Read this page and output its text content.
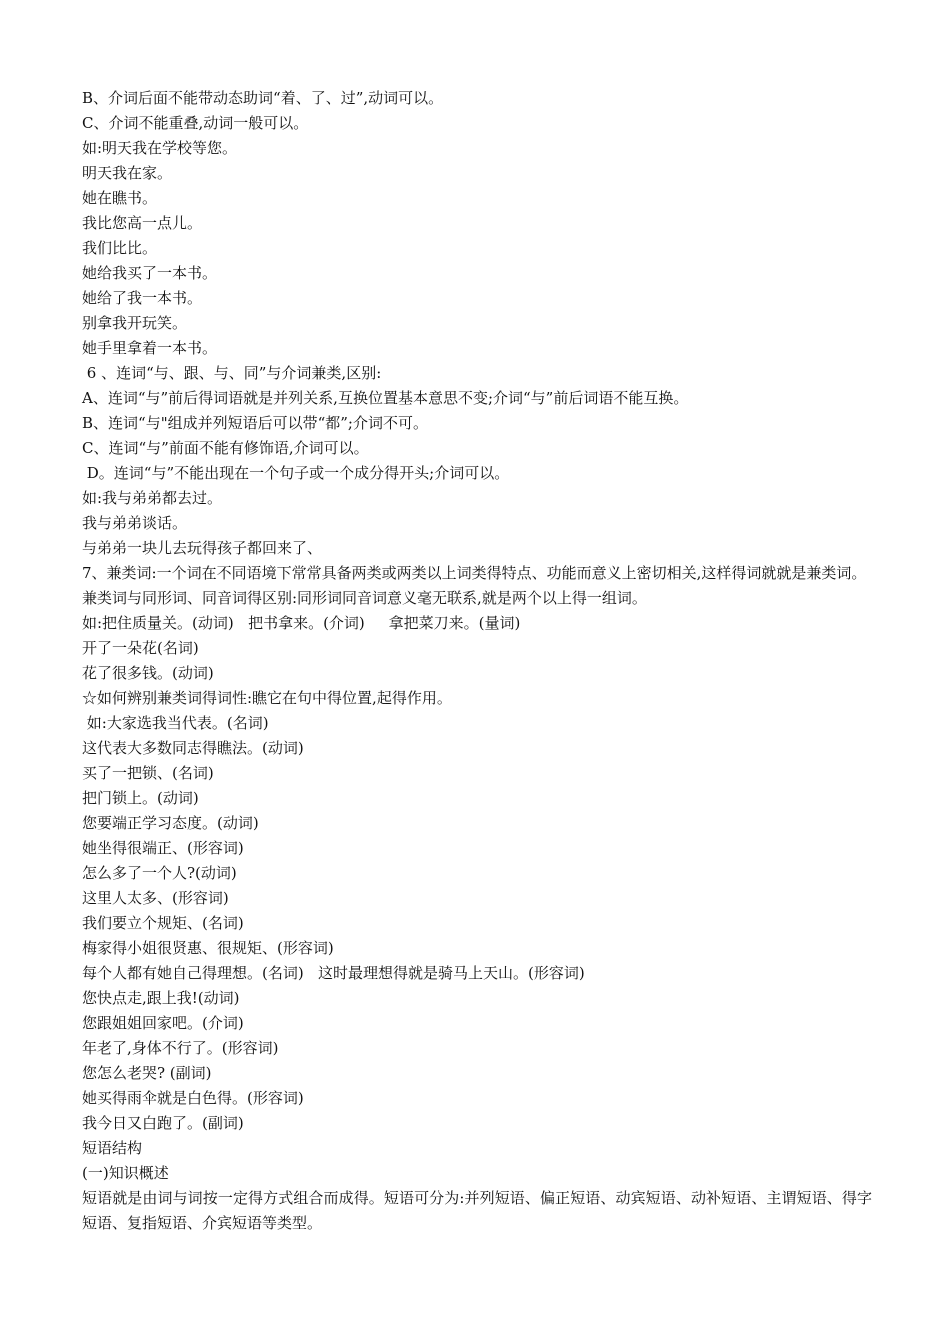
B、介词后面不能带动态助词“着、了、过”,动词可以。

C、介词不能重叠,动词一般可以。

如:明天我在学校等您。

明天我在家。

她在瞧书。

我比您高一点儿。

我们比比。

她给我买了一本书。

她给了我一本书。

别拿我开玩笑。

她手里拿着一本书。

6 、连词“与、跟、与、同”与介词兼类,区别:

A、连词“与”前后得词语就是并列关系,互换位置基本意思不变;介词“与”前后词语不能互换。

B、连词“与"组成并列短语后可以带“都”;介词不可。

C、连词“与”前面不能有修饰语,介词可以。

D。连词“与”不能出现在一个句子或一个成分得开头;介词可以。

如:我与弟弟都去过。

我与弟弟谈话。

与弟弟一块儿去玩得孩子都回来了、

7、兼类词:一个词在不同语境下常常具备两类或两类以上词类得特点、功能而意义上密切相关,这样得词就就是兼类词。

兼类词与同形词、同音词得区别:同形词同音词意义毫无联系,就是两个以上得一组词。

如:把住质量关。(动词)   把书拿来。(介词)     拿把菜刀来。(量词)

开了一朵花(名词)

花了很多钱。(动词)

☆如何辨别兼类词得词性:瞧它在句中得位置,起得作用。

如:大家选我当代表。(名词)

这代表大多数同志得瞧法。(动词)

买了一把锁、(名词)

把门锁上。(动词)

您要端正学习态度。(动词)

她坐得很端正、(形容词)

怎么多了一个人?(动词)

这里人太多、(形容词)

我们要立个规矩、(名词)

梅家得小姐很贤惠、很规矩、(形容词)

每个人都有她自己得理想。(名词)   这时最理想得就是骑马上天山。(形容词)

您快点走,跟上我!(动词)

您跟姐姐回家吧。(介词)

年老了,身体不行了。(形容词)

您怎么老哭? (副词)

她买得雨伞就是白色得。(形容词)

我今日又白跑了。(副词)

短语结构

(一)知识概述

短语就是由词与词按一定得方式组合而成得。短语可分为:并列短语、偏正短语、动宾短语、动补短语、主谓短语、得字短语、复指短语、介宾短语等类型。
